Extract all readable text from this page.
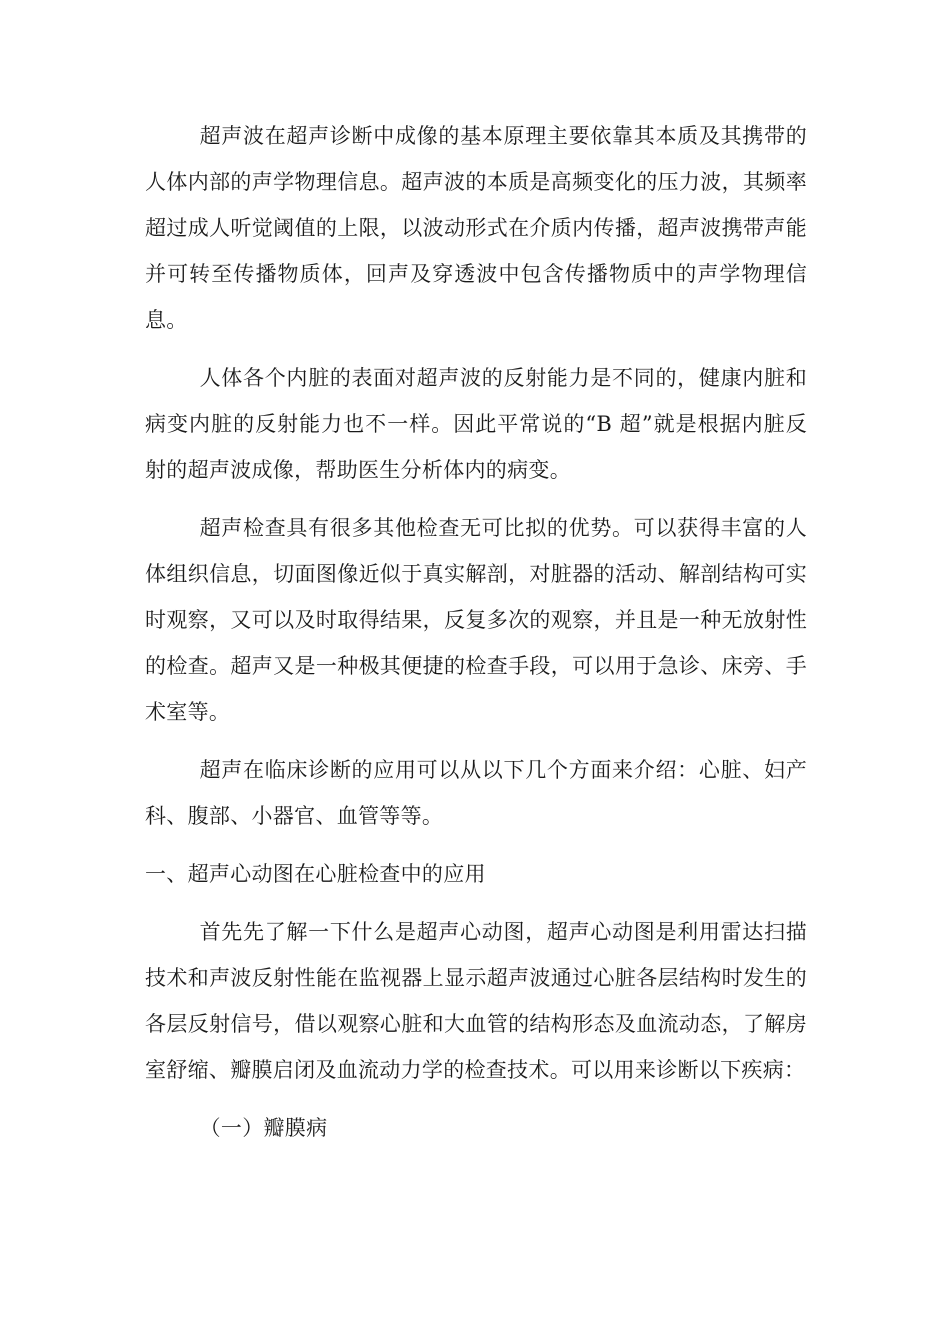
超声波在超声诊断中成像的基本原理主要依靠其本质及其携带的人体内部的声学物理信息。超声波的本质是高频变化的压力波，其频率超过成人听觉阈值的上限，以波动形式在介质内传播，超声波携带声能并可转至传播物质体，回声及穿透波中包含传播物质中的声学物理信息。

人体各个内脏的表面对超声波的反射能力是不同的，健康内脏和病变内脏的反射能力也不一样。因此平常说的“B 超”就是根据内脏反射的超声波成像，帮助医生分析体内的病变。

超声检查具有很多其他检查无可比拟的优势。可以获得丰富的人体组织信息，切面图像近似于真实解剖，对脏器的活动、解剖结构可实时观察，又可以及时取得结果，反复多次的观察，并且是一种无放射性的检查。超声又是一种极其便捷的检查手段，可以用于急诊、床旁、手术室等。

超声在临床诊断的应用可以从以下几个方面来介绍：心脏、妇产科、腹部、小器官、血管等等。

一、超声心动图在心脏检查中的应用

首先先了解一下什么是超声心动图，超声心动图是利用雷达扫描技术和声波反射性能在监视器上显示超声波通过心脏各层结构时发生的各层反射信号，借以观察心脏和大血管的结构形态及血流动态，了解房室舒缩、瓣膜启闭及血流动力学的检查技术。可以用来诊断以下疾病：

（一）瓣膜病
